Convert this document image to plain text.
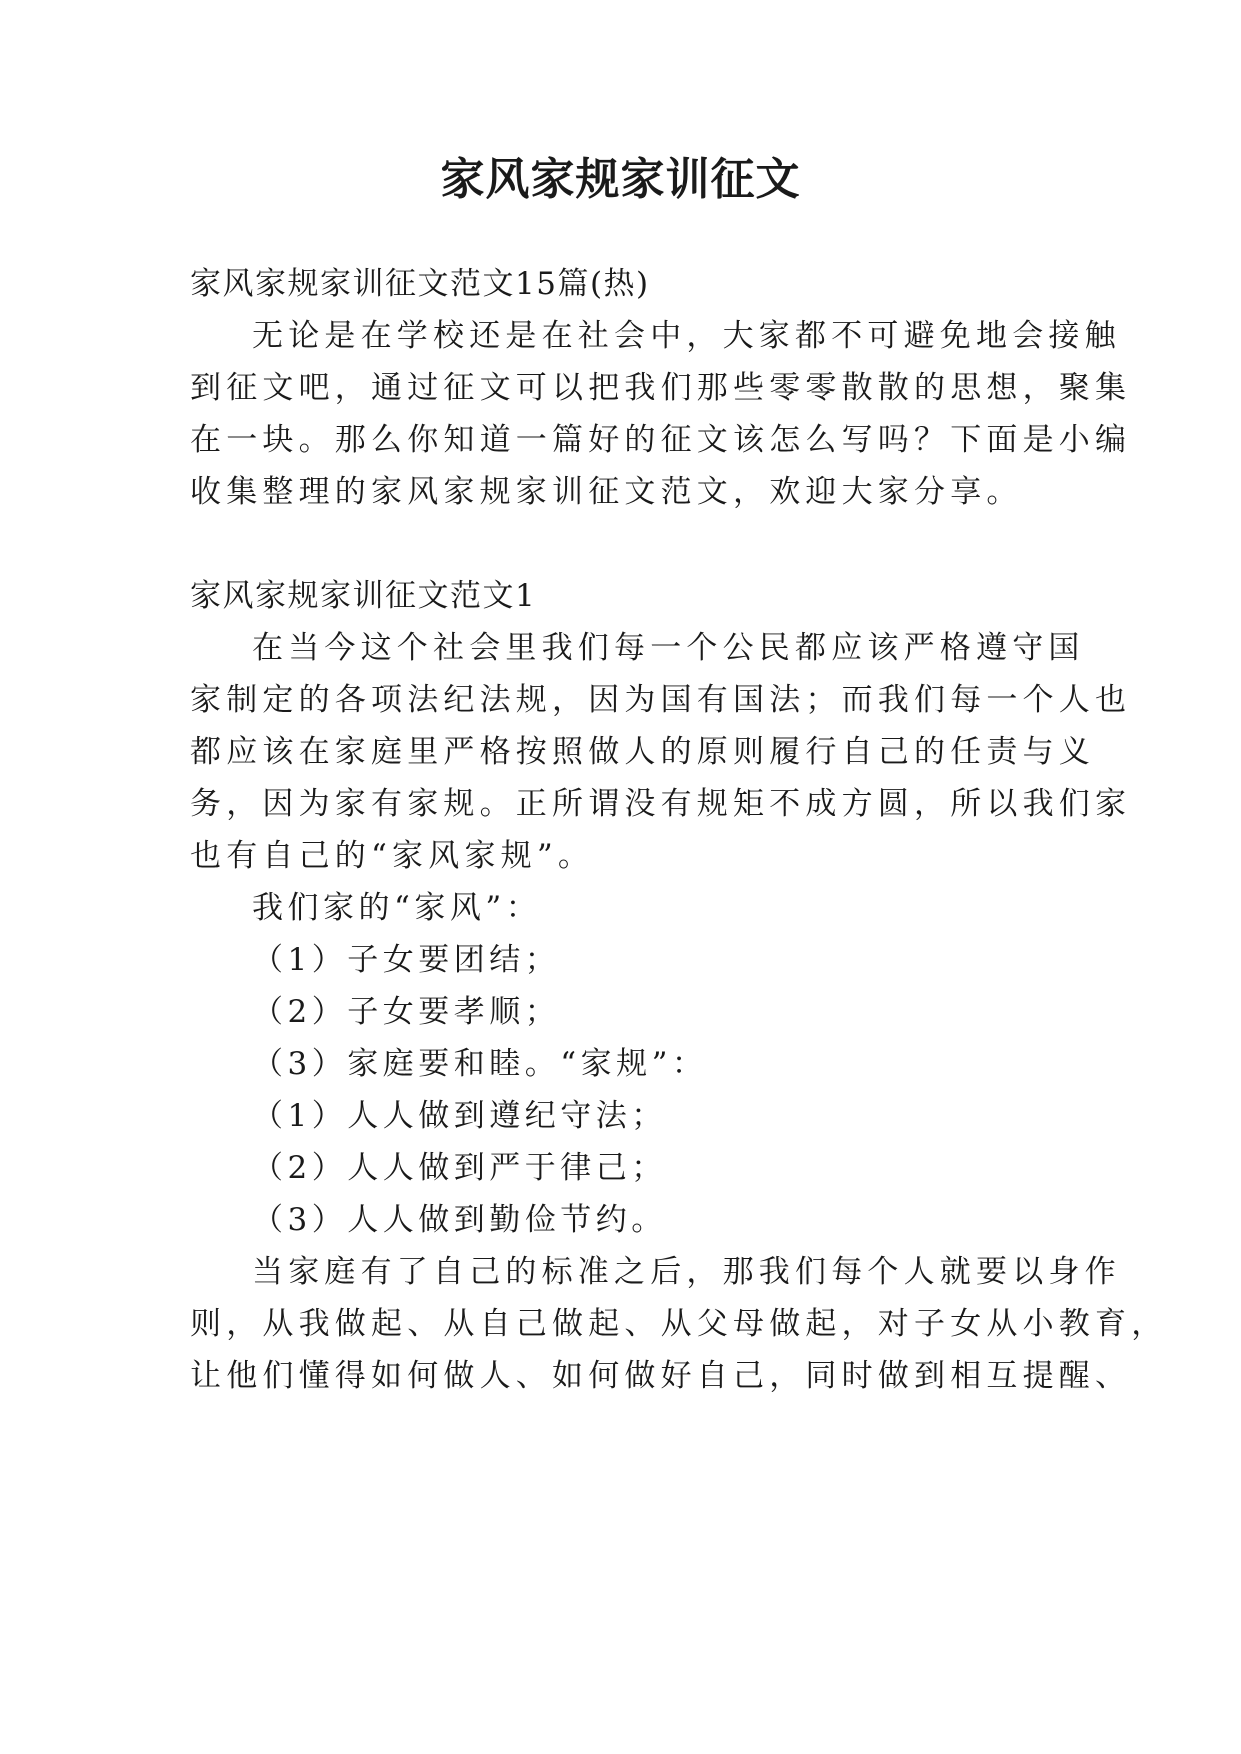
家风家规家训征文

家风家规家训征文范文15篇(热)

无论是在学校还是在社会中，大家都不可避免地会接触

到征文吧，通过征文可以把我们那些零零散散的思想，聚集

在一块。那么你知道一篇好的征文该怎么写吗？下面是小编

收集整理的家风家规家训征文范文，欢迎大家分享。

家风家规家训征文范文1

在当今这个社会里我们每一个公民都应该严格遵守国

家制定的各项法纪法规，因为国有国法；而我们每一个人也

都应该在家庭里严格按照做人的原则履行自己的任责与义

务，因为家有家规。正所谓没有规矩不成方圆，所以我们家

也有自己的“家风家规”。

我们家的“家风”：

（1）子女要团结；

（2）子女要孝顺；

（3）家庭要和睦。“家规”：

（1）人人做到遵纪守法；

（2）人人做到严于律己；

（3）人人做到勤俭节约。

当家庭有了自己的标准之后，那我们每个人就要以身作

则，从我做起、从自己做起、从父母做起，对子女从小教育，

让他们懂得如何做人、如何做好自己，同时做到相互提醒、
